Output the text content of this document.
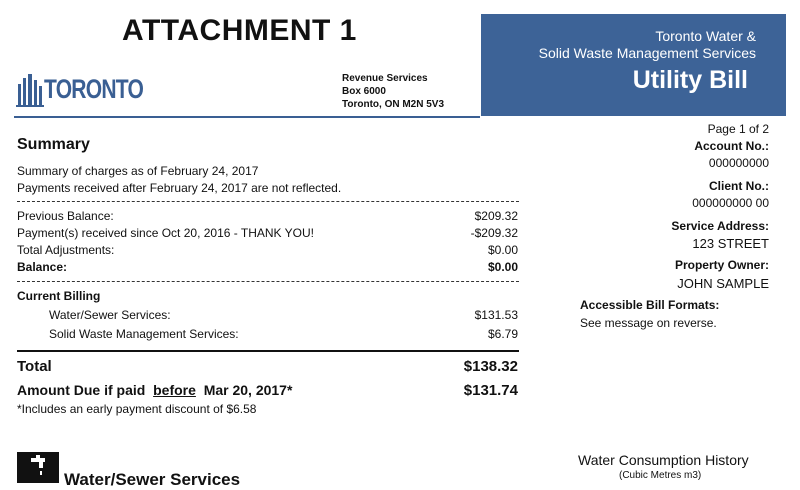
ATTACHMENT 1
TORONTO	Revenue Services
Box 6000
Toronto, ON M2N 5V3
Toronto Water &
Solid Waste Management Services
Utility Bill
Summary
Summary of charges as of February 24, 2017
Payments received after February 24, 2017 are not reflected.
Previous Balance:	$209.32
Payment(s) received since Oct 20, 2016 - THANK YOU!	-$209.32
Total Adjustments:	$0.00
Balance:	$0.00
Current Billing
Water/Sewer Services:	$131.53
Solid Waste Management Services:	$6.79
Total	$138.32
Amount Due if paid before Mar 20, 2017*	$131.74
*Includes an early payment discount of $6.58
Page 1 of 2
Account No.:
000000000
Client No.:
000000000 00
Service Address:
123 STREET
Property Owner:
JOHN SAMPLE
Accessible Bill Formats:
See message on reverse.
Water/Sewer Services
Water Consumption History
(Cubic Metres m3)
